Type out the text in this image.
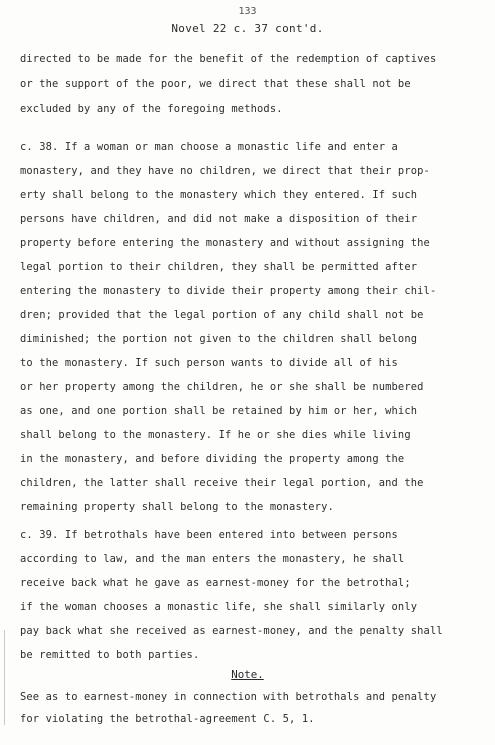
133
Novel 22 c. 37 cont'd.
directed to be made for the benefit of the redemption of captives
or the support of the poor, we direct that these shall not be
excluded by any of the foregoing methods.
c. 38. If a woman or man choose a monastic life and enter a
monastery, and they have no children, we direct that their prop-
erty shall belong to the monastery which they entered. If such
persons have children, and did not make a disposition of their
property before entering the monastery and without assigning the
legal portion to their children, they shall be permitted after
entering the monastery to divide their property among their chil-
dren; provided that the legal portion of any child shall not be
diminished; the portion not given to the children shall belong
to the monastery. If such person wants to divide all of his
or her property among the children, he or she shall be numbered
as one, and one portion shall be retained by him or her, which
shall belong to the monastery. If he or she dies while living
in the monastery, and before dividing the property among the
children, the latter shall receive their legal portion, and the
remaining property shall belong to the monastery.
c. 39. If betrothals have been entered into between persons
according to law, and the man enters the monastery, he shall
receive back what he gave as earnest-money for the betrothal;
if the woman chooses a monastic life, she shall similarly only
pay back what she received as earnest-money, and the penalty shall
be remitted to both parties.
Note.
See as to earnest-money in connection with betrothals and penalty
for violating the betrothal-agreement C. 5, 1.
